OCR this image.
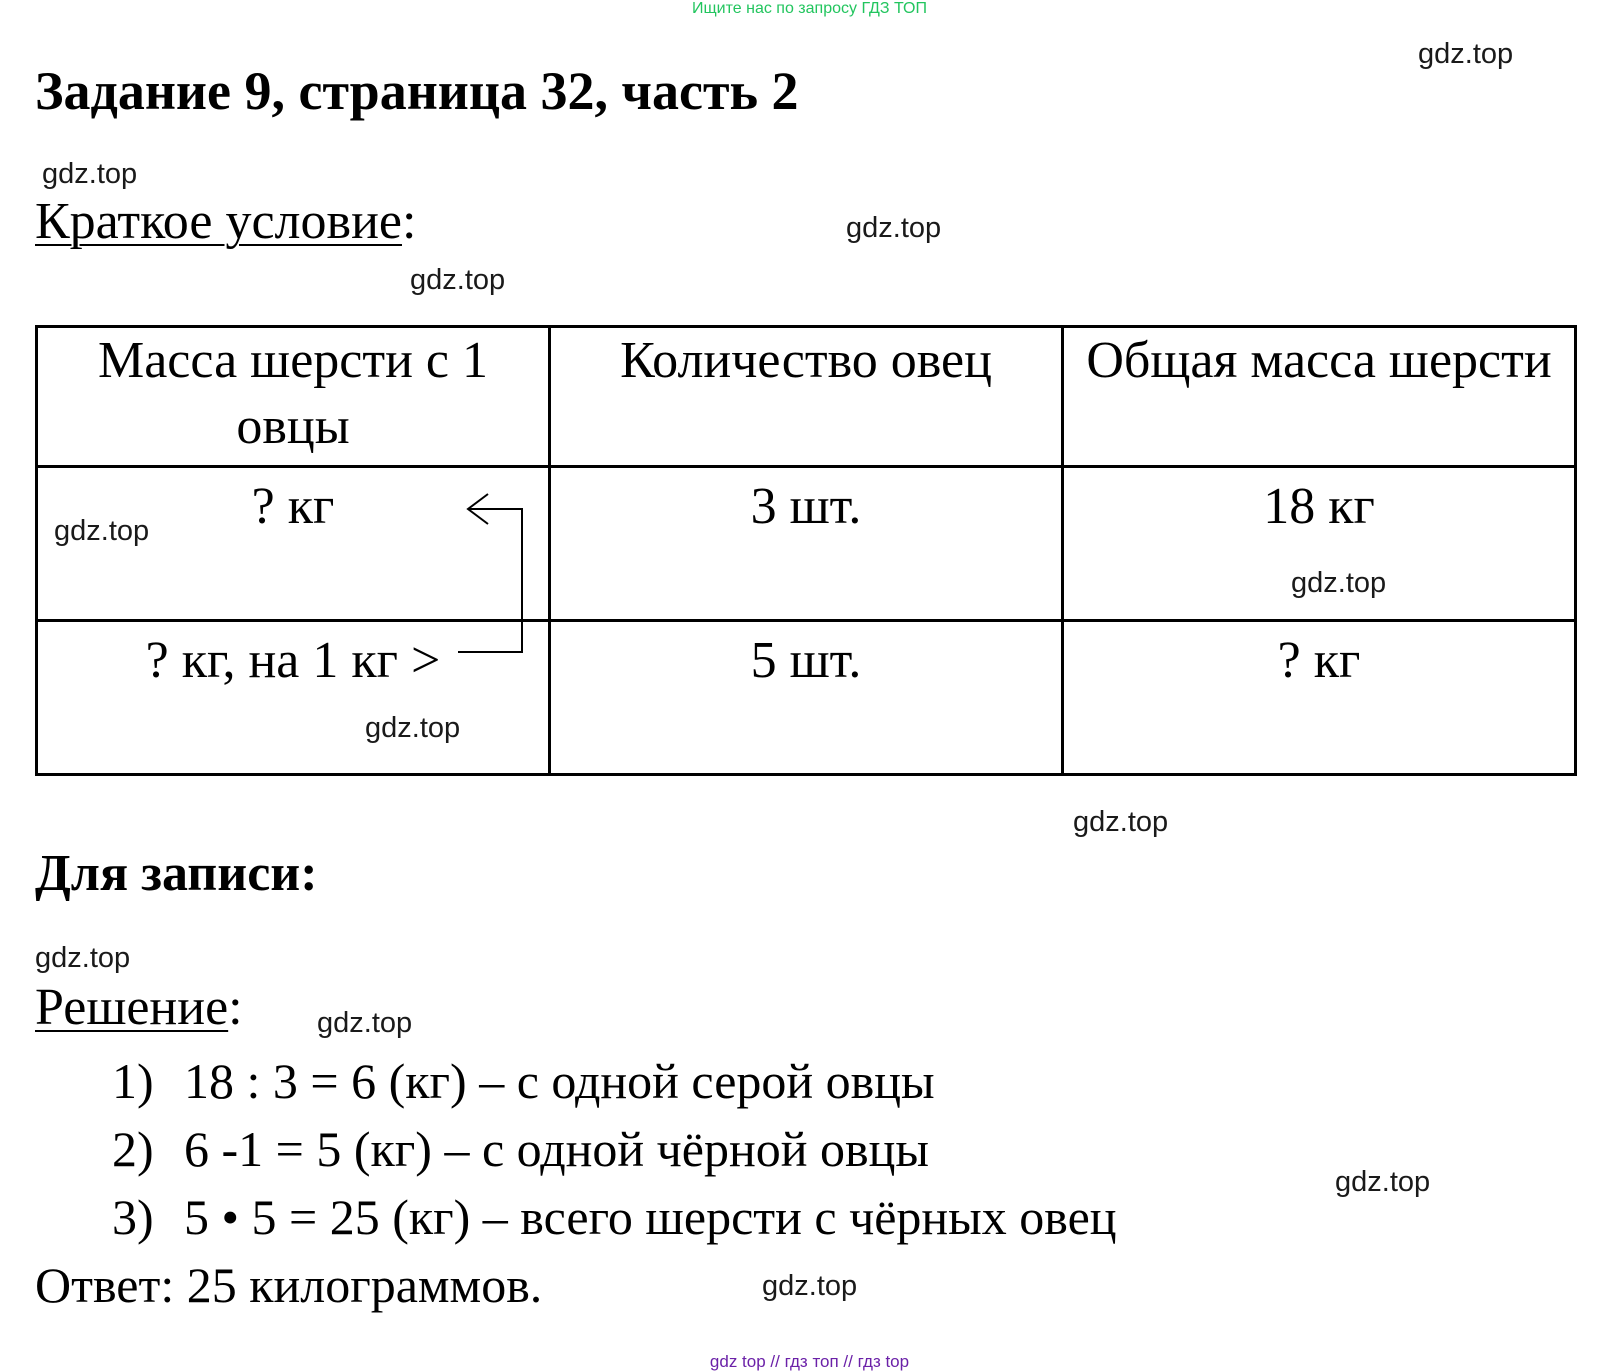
Ищите нас по запросу ГДЗ ТОП
Задание 9, страница 32, часть 2
Краткое условие:
Масса шерсти с 1 овцы	Количество овец	Общая масса шерсти
? кг	3 шт.	18 кг
? кг, на 1 кг >	5 шт.	? кг
Для записи:
Решение:
1) 18 : 3 = 6 (кг) – с одной серой овцы
2) 6 -1 = 5 (кг) – с одной чёрной овцы
3) 5 • 5 = 25 (кг) – всего шерсти с чёрных овец
Ответ: 25 килограммов.
gdz.top
gdz.top
gdz.top
gdz.top
gdz.top
gdz.top
gdz.top
gdz.top
gdz.top
gdz.top
gdz.top
gdz.top
gdz top // гдз топ // гдз top
